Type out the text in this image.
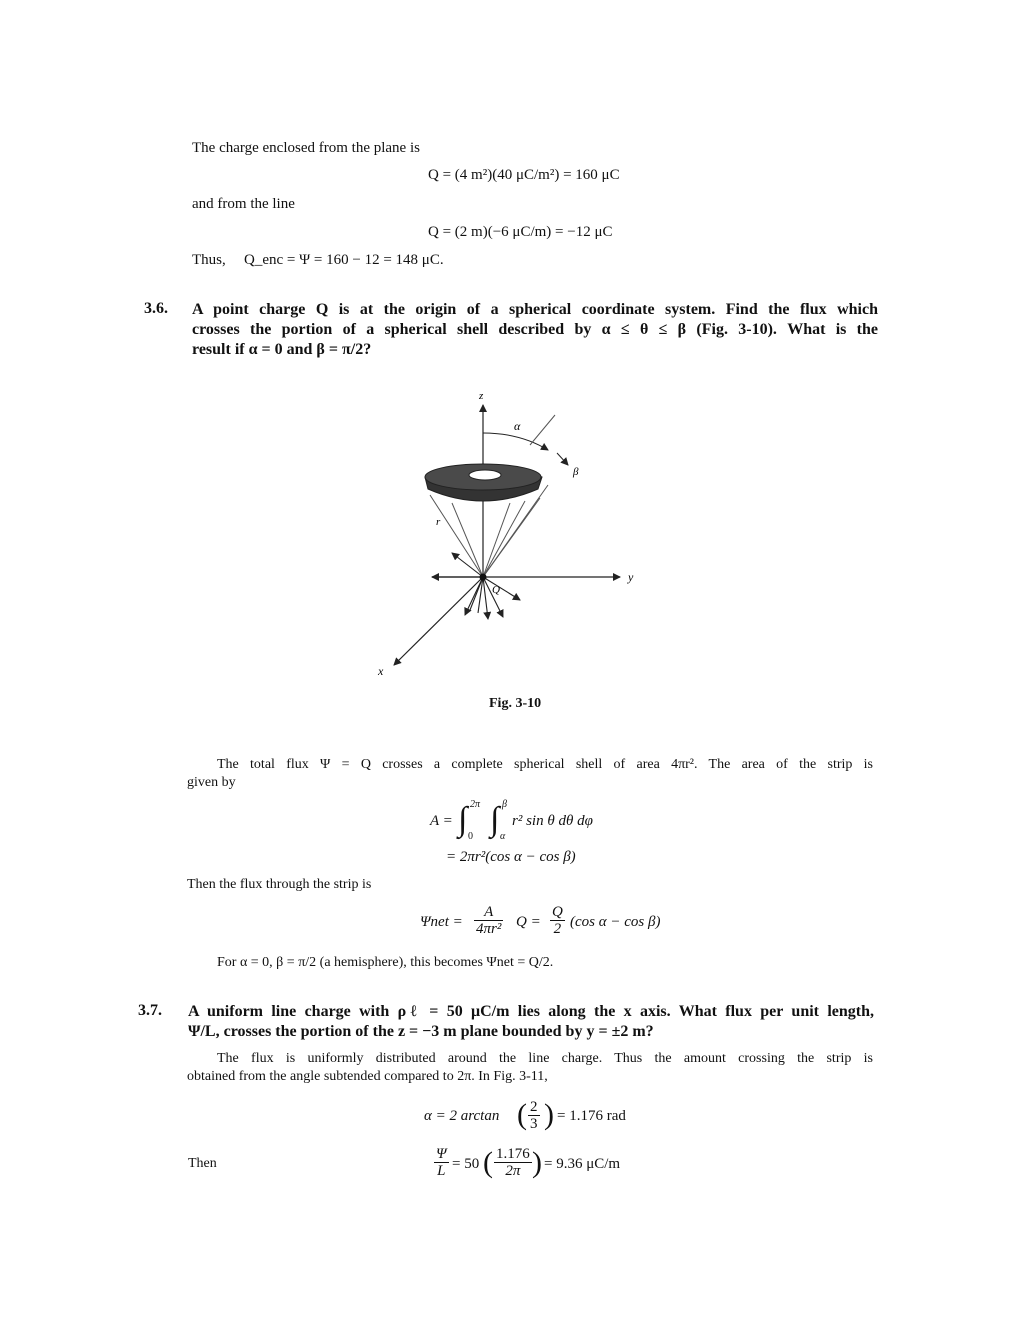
The charge enclosed from the plane is
Q = (4 m²)(40 μC/m²) = 160 μC
and from the line
Q = (2 m)(−6 μC/m) = −12 μC
Thus, Q_enc = Ψ = 160 − 12 = 148 μC.
3.6. A point charge Q is at the origin of a spherical coordinate system. Find the flux which
crosses the portion of a spherical shell described by α ≤ θ ≤ β (Fig. 3-10). What is the
result if α = 0 and β = π/2?
z
y
x
α
β
r
Q
Fig. 3-10
The total flux Ψ = Q crosses a complete spherical shell of area 4πr². The area of the strip is
given by
A = ∫ 2π
0 ∫ β
α
r² sin θ dθ dφ
= 2πr²(cos α − cos β)
Then the flux through the strip is
$\Psi net = \frac{A}{\text{4πr²}}$ $Q = \frac{Q}{2} (\cos$ α − cos β)
For α = 0, β = π/2 (a hemisphere), this becomes Ψnet = Q/2.
3.7. A uniform line charge with ρℓ = 50 μC/m lies along the x axis. What flux per unit length,
Ψ/L, crosses the portion of the z = −3 m plane bounded by y = ±2 m?
The flux is uniformly distributed around the line charge. Thus the amount crossing the strip is
obtained from the angle subtended compared to 2π. In Fig. 3-11,
α = 2 arctan ( $\frac{2}{3}$ ) = 1.176 rad
Then	$\frac{\Psi}{L} = 50$ ( $\frac{1.176}{2\pi}$ ) = 9.36 μC/m
